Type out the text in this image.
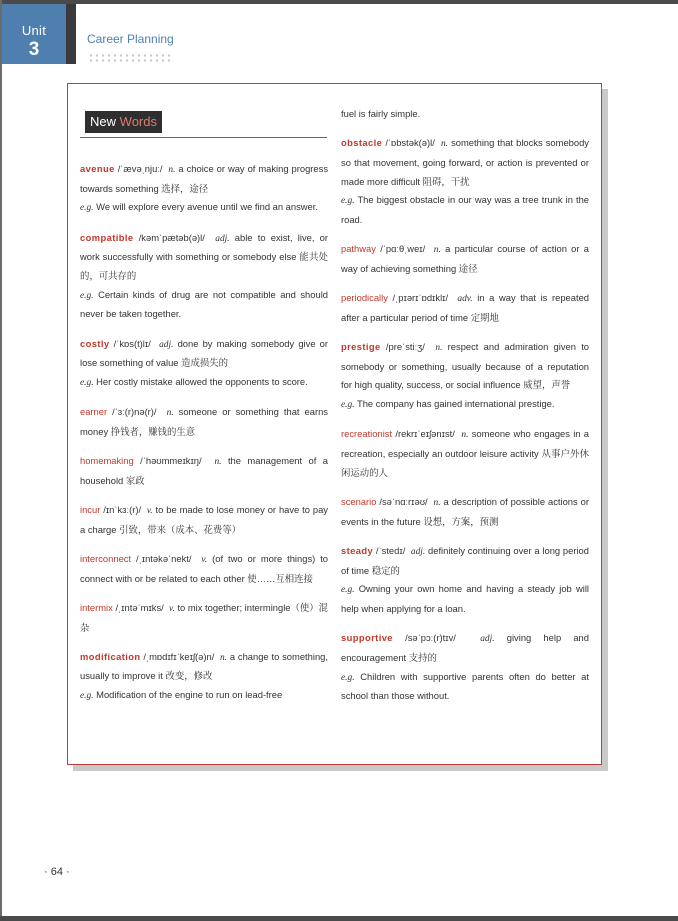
Unit
3	Career Planning
New Words
avenue /ˈævəˌnjuː/ n. a choice or way of making progress towards something 选择，途径
e.g. We will explore every avenue until we find an answer.
compatible /kəmˈpætəb(ə)l/ adj. able to exist, live, or work successfully with something or somebody else 能共处的，可共存的
e.g. Certain kinds of drug are not compatible and should never be taken together.
costly /ˈkɒs(t)lɪ/ adj. done by making somebody give or lose something of value 造成损失的
e.g. Her costly mistake allowed the opponents to score.
earner /ˈɜː(r)nə(r)/ n. someone or something that earns money 挣钱者，赚钱的生意
homemaking /ˈhəʊmmeɪkɪŋ/ n. the management of a household 家政
incur /ɪnˈkɜː(r)/ v. to be made to lose money or have to pay a charge 引致，带来（成本、花费等）
interconnect /ˌɪntəkəˈnekt/ v. (of two or more things) to connect with or be related to each other 使……互相连接
intermix /ˌɪntəˈmɪks/ v. to mix together; intermingle（使）混杂
modification /ˌmɒdɪfɪˈkeɪʃ(ə)n/ n. a change to something, usually to improve it 改变，修改
e.g. Modification of the engine to run on lead-free
fuel is fairly simple.
obstacle /ˈɒbstək(ə)l/ n. something that blocks somebody so that movement, going forward, or action is prevented or made more difficult 阻碍，干扰
e.g. The biggest obstacle in our way was a tree trunk in the road.
pathway /ˈpɑːθˌweɪ/ n. a particular course of action or a way of achieving something 途径
periodically /ˌpɪərɪˈɒdɪklɪ/ adv. in a way that is repeated after a particular period of time 定期地
prestige /preˈstiːʒ/ n. respect and admiration given to somebody or something, usually because of a reputation for high quality, success, or social influence 威望，声誉
e.g. The company has gained international prestige.
recreationist /rekrɪˈeɪʃənɪst/ n. someone who engages in a recreation, especially an outdoor leisure activity 从事户外休闲运动的人
scenario /səˈnɑːrɪəʊ/ n. a description of possible actions or events in the future 设想，方案，预测
steady /ˈstedɪ/ adj. definitely continuing over a long period of time 稳定的
e.g. Owning your own home and having a steady job will help when applying for a loan.
supportive /səˈpɔː(r)tɪv/	adj. giving help and encouragement 支持的
e.g. Children with supportive parents often do better at school than those without.
· 64 ·
